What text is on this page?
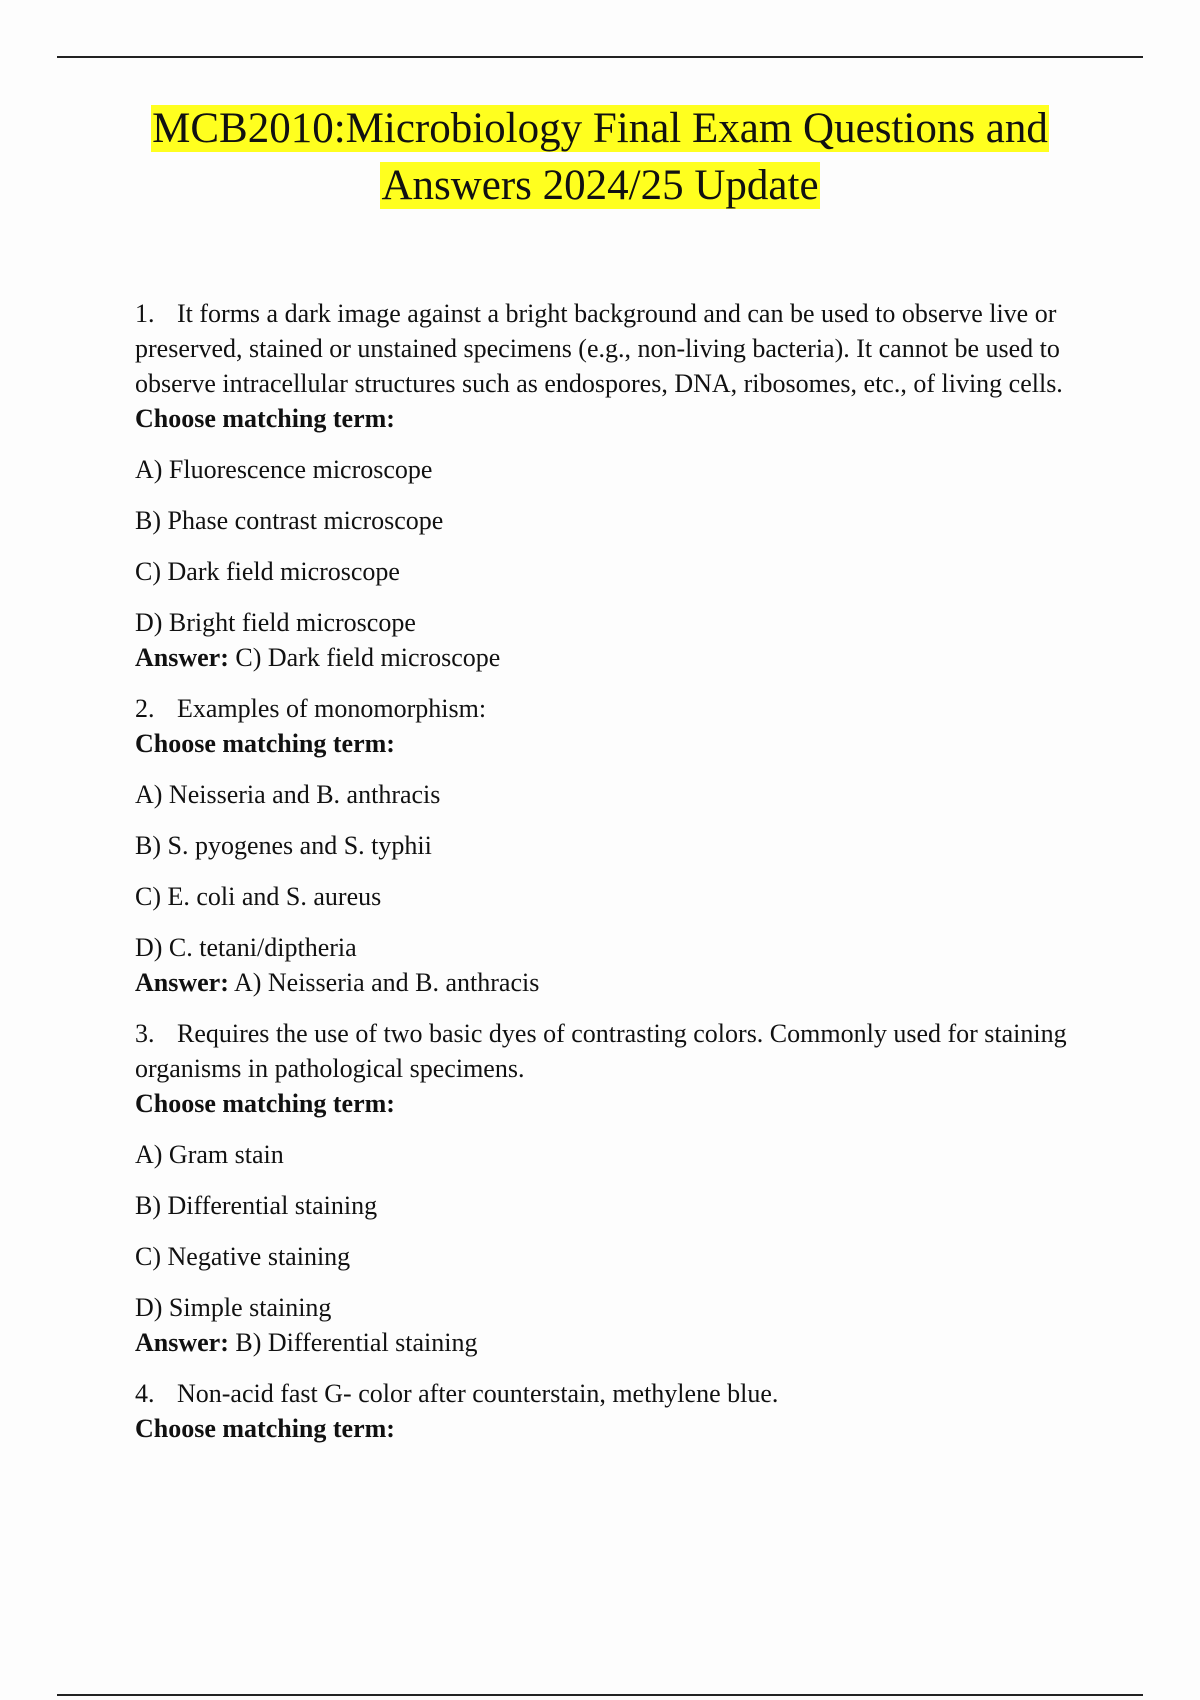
MCB2010:Microbiology Final Exam Questions and
Answers 2024/25 Update

1. It forms a dark image against a bright background and can be used to observe live or preserved, stained or unstained specimens (e.g., non-living bacteria). It cannot be used to observe intracellular structures such as endospores, DNA, ribosomes, etc., of living cells.

Choose matching term:

A) Fluorescence microscope

B) Phase contrast microscope

C) Dark field microscope

D) Bright field microscope

Answer: C) Dark field microscope

2. Examples of monomorphism:

Choose matching term:

A) Neisseria and B. anthracis

B) S. pyogenes and S. typhii

C) E. coli and S. aureus

D) C. tetani/diptheria

Answer: A) Neisseria and B. anthracis

3. Requires the use of two basic dyes of contrasting colors. Commonly used for staining organisms in pathological specimens.

Choose matching term:

A) Gram stain

B) Differential staining

C) Negative staining

D) Simple staining

Answer: B) Differential staining

4. Non-acid fast G- color after counterstain, methylene blue.

Choose matching term:
